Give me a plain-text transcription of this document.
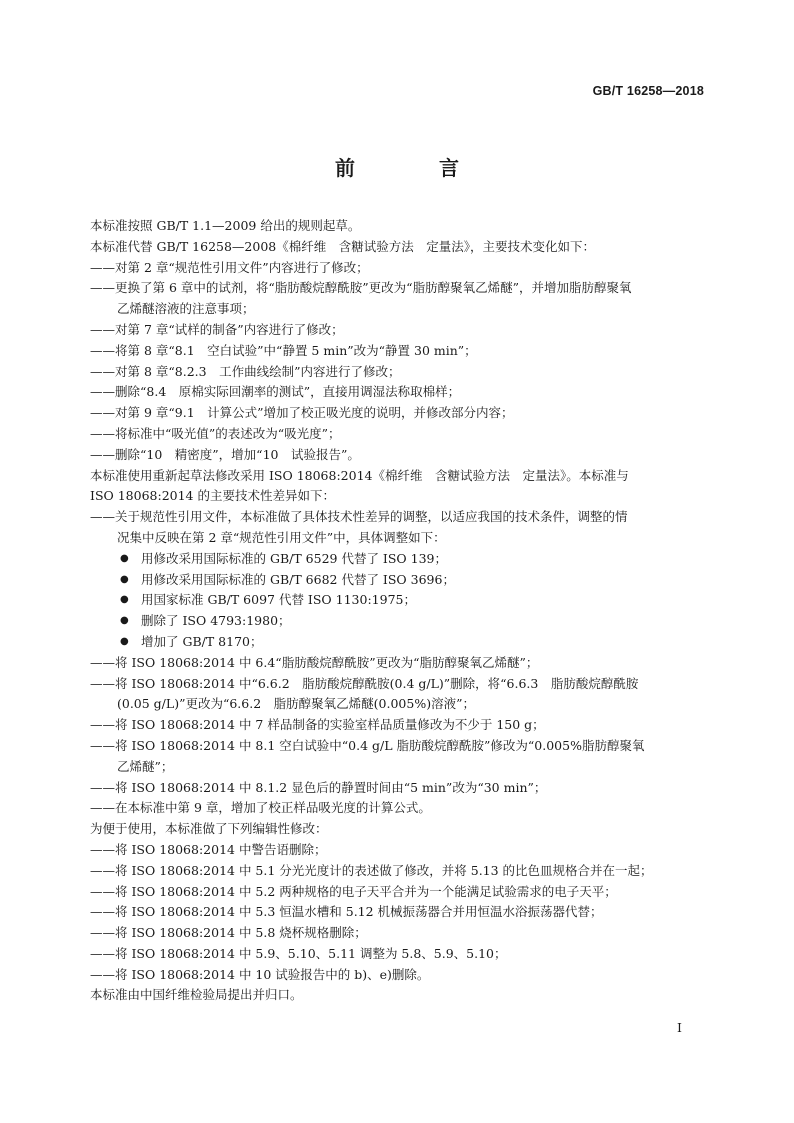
GB/T 16258—2018
前　言
本标准按照 GB/T 1.1—2009 给出的规则起草。
本标准代替 GB/T 16258—2008《棉纤维　含糖试验方法　定量法》，主要技术变化如下：
——对第 2 章“规范性引用文件”内容进行了修改；
——更换了第 6 章中的试剂，将“脂肪酸烷醇酰胺”更改为“脂肪醇聚氧乙烯醚”，并增加脂肪醇聚氧
乙烯醚溶液的注意事项；
——对第 7 章“试样的制备”内容进行了修改；
——将第 8 章“8.1　空白试验”中“静置 5 min”改为“静置 30 min”；
——对第 8 章“8.2.3　工作曲线绘制”内容进行了修改；
——删除“8.4　原棉实际回潮率的测试”，直接用调湿法称取棉样；
——对第 9 章“9.1　计算公式”增加了校正吸光度的说明，并修改部分内容；
——将标准中“吸光值”的表述改为“吸光度”；
——删除“10　精密度”，增加“10　试验报告”。
本标准使用重新起草法修改采用 ISO 18068:2014《棉纤维　含糖试验方法　定量法》。本标准与
ISO 18068:2014 的主要技术性差异如下：
——关于规范性引用文件，本标准做了具体技术性差异的调整，以适应我国的技术条件，调整的情
况集中反映在第 2 章“规范性引用文件”中，具体调整如下：
● 用修改采用国际标准的 GB/T 6529 代替了 ISO 139；
● 用修改采用国际标准的 GB/T 6682 代替了 ISO 3696；
● 用国家标准 GB/T 6097 代替 ISO 1130:1975；
● 删除了 ISO 4793:1980；
● 增加了 GB/T 8170；
——将 ISO 18068:2014 中 6.4“脂肪酸烷醇酰胺”更改为“脂肪醇聚氧乙烯醚”；
——将 ISO 18068:2014 中“6.6.2　脂肪酸烷醇酰胺(0.4 g/L)”删除，将“6.6.3　脂肪酸烷醇酰胺
(0.05 g/L)”更改为“6.6.2　脂肪醇聚氧乙烯醚(0.005%)溶液”；
——将 ISO 18068:2014 中 7 样品制备的实验室样品质量修改为不少于 150 g；
——将 ISO 18068:2014 中 8.1 空白试验中“0.4 g/L 脂肪酸烷醇酰胺”修改为“0.005%脂肪醇聚氧
乙烯醚”；
——将 ISO 18068:2014 中 8.1.2 显色后的静置时间由“5 min”改为“30 min”；
——在本标准中第 9 章，增加了校正样品吸光度的计算公式。
为便于使用，本标准做了下列编辑性修改：
——将 ISO 18068:2014 中警告语删除；
——将 ISO 18068:2014 中 5.1 分光光度计的表述做了修改，并将 5.13 的比色皿规格合并在一起；
——将 ISO 18068:2014 中 5.2 两种规格的电子天平合并为一个能满足试验需求的电子天平；
——将 ISO 18068:2014 中 5.3 恒温水槽和 5.12 机械振荡器合并用恒温水浴振荡器代替；
——将 ISO 18068:2014 中 5.8 烧杯规格删除；
——将 ISO 18068:2014 中 5.9、5.10、5.11 调整为 5.8、5.9、5.10；
——将 ISO 18068:2014 中 10 试验报告中的 b)、e)删除。
本标准由中国纤维检验局提出并归口。
I
